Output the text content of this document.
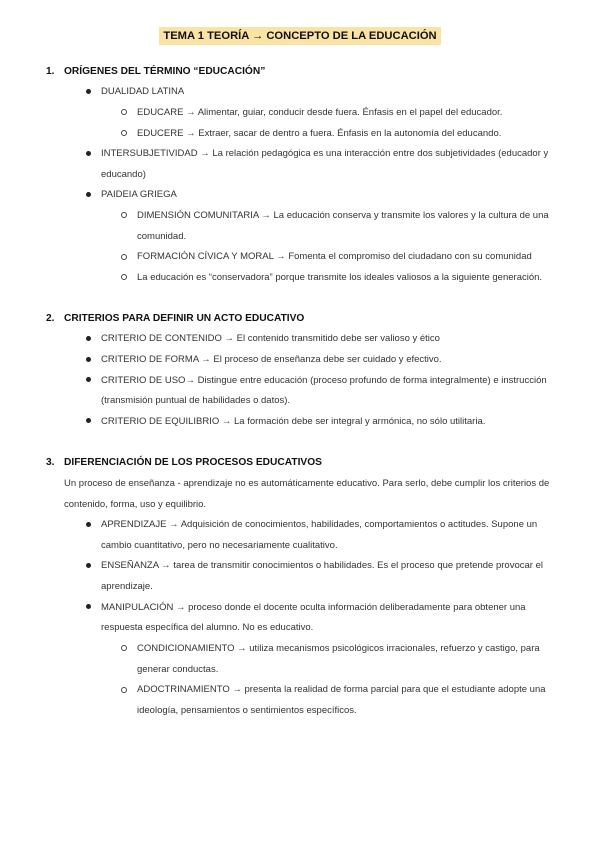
TEMA 1 TEORÍA → CONCEPTO DE LA EDUCACIÓN
1. ORÍGENES DEL TÉRMINO “EDUCACIÓN”
DUALIDAD LATINA
EDUCARE → Alimentar, guiar, conducir desde fuera. Énfasis en el papel del educador.
EDUCERE → Extraer, sacar de dentro a fuera. Énfasis en la autonomía del educando.
INTERSUBJETIVIDAD → La relación pedagógica es una interacción entre dos subjetividades (educador y
educando)
PAIDEIA GRIEGA
DIMENSIÓN COMUNITARIA → La educación conserva y transmite los valores y la cultura de una
comunidad.
FORMACIÓN CÍVICA Y MORAL → Fomenta el compromiso del ciudadano con su comunidad
La educación es “conservadora” porque transmite los ideales valiosos a la siguiente generación.
2. CRITERIOS PARA DEFINIR UN ACTO EDUCATIVO
CRITERIO DE CONTENIDO → El contenido transmitido debe ser valioso y ético
CRITERIO DE FORMA → El proceso de enseñanza debe ser cuidado y efectivo.
CRITERIO DE USO→ Distingue entre educación (proceso profundo de forma integralmente) e instrucción
(transmisión puntual de habilidades o datos).
CRITERIO DE EQUILIBRIO → La formación debe ser integral y armónica, no sólo utilitaria.
3. DIFERENCIACIÓN DE LOS PROCESOS EDUCATIVOS
Un proceso de enseñanza - aprendizaje no es automáticamente educativo. Para serlo, debe cumplir los criterios de
contenido, forma, uso y equilibrio.
APRENDIZAJE → Adquisición de conocimientos, habilidades, comportamientos o actitudes. Supone un
cambio cuantitativo, pero no necesariamente cualitativo.
ENSEÑANZA → tarea de transmitir conocimientos o habilidades. Es el proceso que pretende provocar el
aprendizaje.
MANIPULACIÓN → proceso donde el docente oculta información deliberadamente para obtener una
respuesta específica del alumno. No es educativo.
CONDICIONAMIENTO → utiliza mecanismos psicológicos irracionales, refuerzo y castigo, para
generar conductas.
ADOCTRINAMIENTO → presenta la realidad de forma parcial para que el estudiante adopte una
ideología, pensamientos o sentimientos específicos.
